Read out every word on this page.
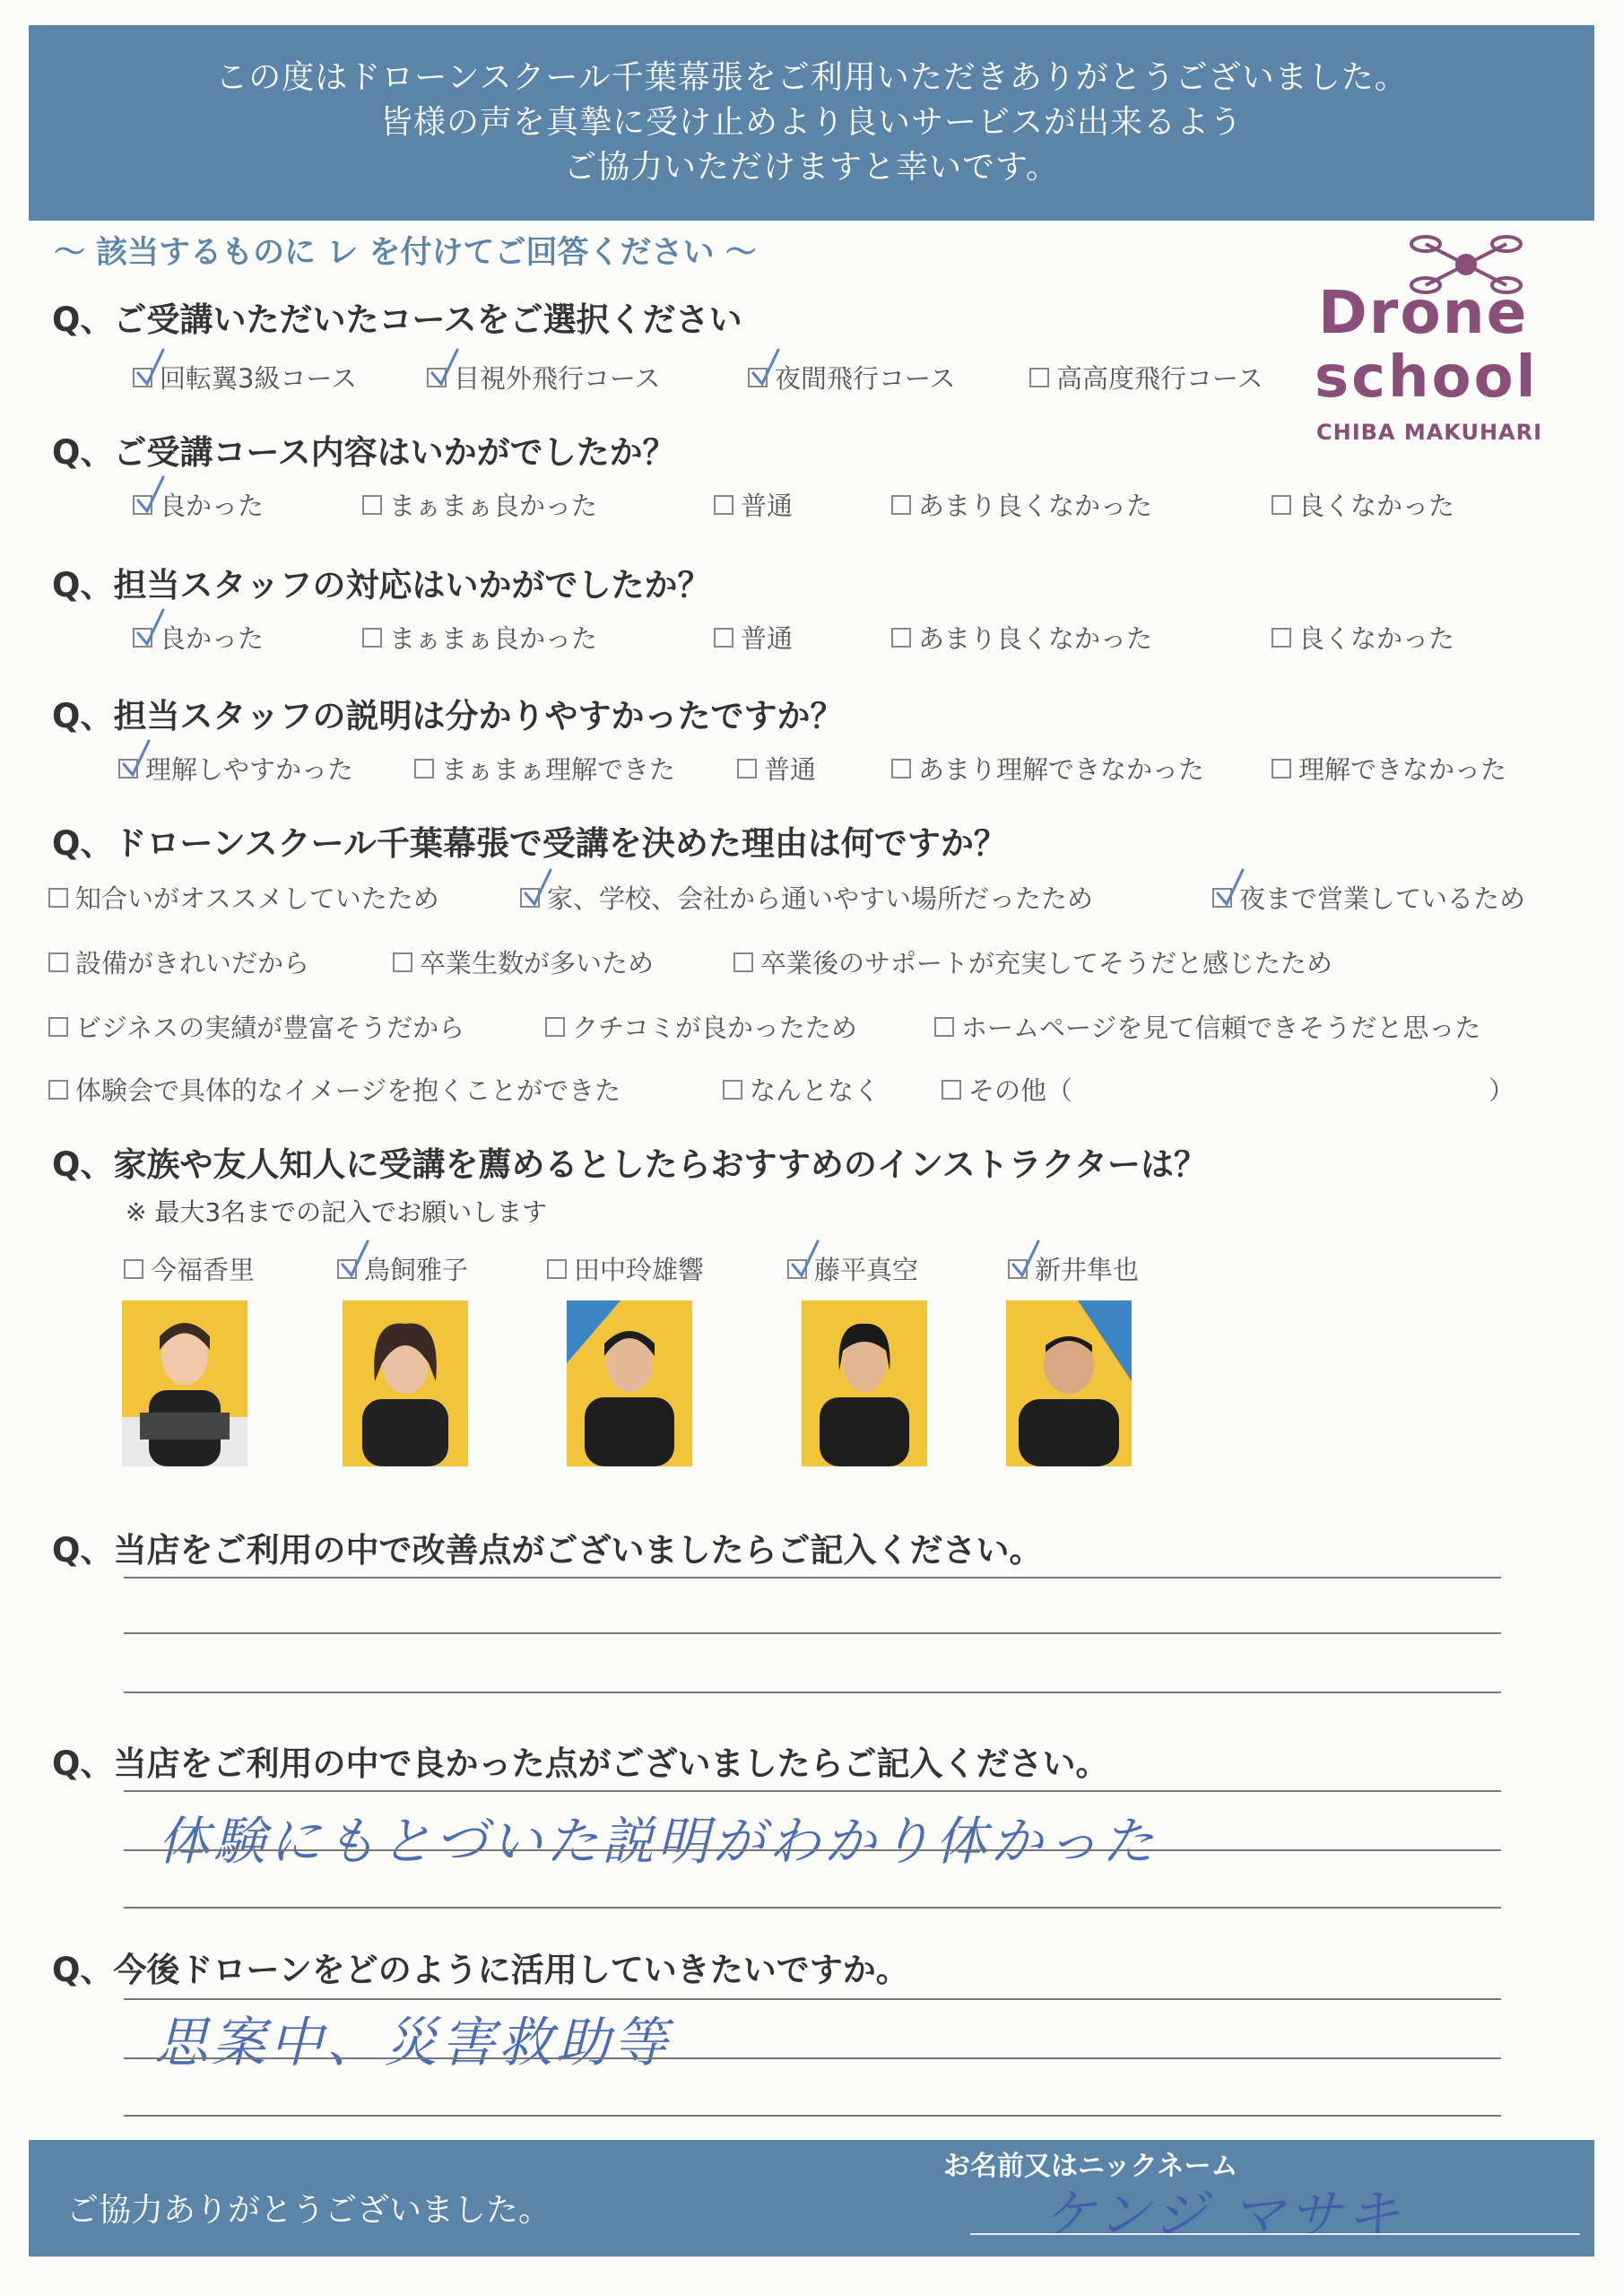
この度はドローンスクール千葉幕張をご利用いただきありがとうございました。
皆様の声を真摯に受け止めより良いサービスが出来るよう
ご協力いただけますと幸いです。
～ 該当するものに レ を付けてご回答ください ～
Drone
school
CHIBA MAKUHARI
Q、ご受講いただいたコースをご選択ください
回転翼3級コース	目視外飛行コース	夜間飛行コース	高高度飛行コース
Q、ご受講コース内容はいかがでしたか？
良かった	まぁまぁ良かった	普通	あまり良くなかった	良くなかった
Q、担当スタッフの対応はいかがでしたか？
良かった	まぁまぁ良かった	普通	あまり良くなかった	良くなかった
Q、担当スタッフの説明は分かりやすかったですか？
理解しやすかった	まぁまぁ理解できた	普通	あまり理解できなかった	理解できなかった
Q、ドローンスクール千葉幕張で受講を決めた理由は何ですか？
知合いがオススメしていたため	家、学校、会社から通いやすい場所だったため	夜まで営業しているため
設備がきれいだから	卒業生数が多いため	卒業後のサポートが充実してそうだと感じたため
ビジネスの実績が豊富そうだから	クチコミが良かったため	ホームページを見て信頼できそうだと思った
体験会で具体的なイメージを抱くことができた	なんとなく	その他（	）
Q、家族や友人知人に受講を薦めるとしたらおすすめのインストラクターは？
※ 最大3名までの記入でお願いします
今福香里	鳥飼雅子	田中玲雄響	藤平真空	新井隼也
Q、当店をご利用の中で改善点がございましたらご記入ください。
Q、当店をご利用の中で良かった点がございましたらご記入ください。
体験にもとづいた説明がわかり体かった
Q、今後ドローンをどのように活用していきたいですか。
思案中、災害救助等
ご協力ありがとうございました。
お名前又はニックネーム
ケンジ マサキ
